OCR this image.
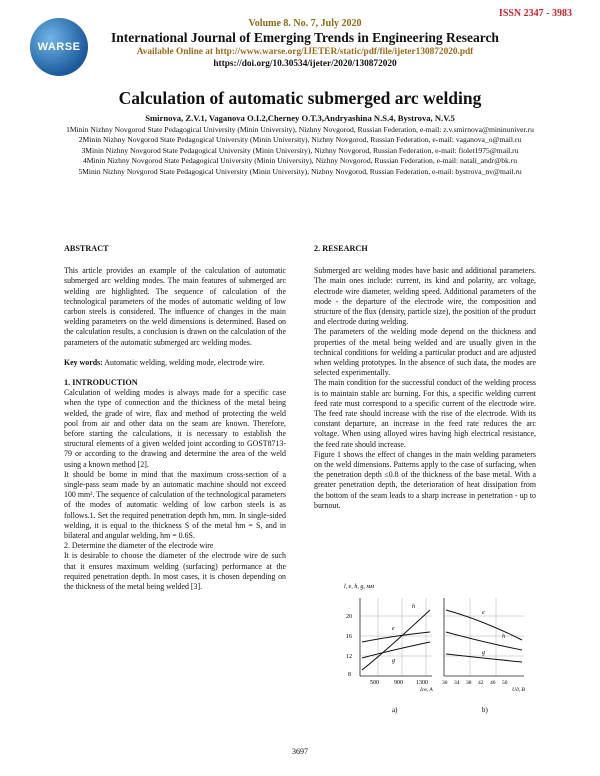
ISSN 2347 - 3983
WARSE
Volume 8. No. 7, July 2020
International Journal of Emerging Trends in Engineering Research
Available Online at http://www.warse.org/IJETER/static/pdf/file/ijeter130872020.pdf
https://doi.org/10.30534/ijeter/2020/130872020
Calculation of automatic submerged arc welding
Smirnova, Z.V.1, Vaganova O.I.2,Cherney O.T.3,Andryashina N.S.4, Bystrova, N.V.5
1Minin Nizhny Novgorod State Pedagogical University (Minin University), Nizhny Novgorod, Russian Federation, e-mail: z.v.smirnova@mininuniver.ru
2Minin Nizhny Novgorod State Pedagogical University (Minin University), Nizhny Novgorod, Russian Federation, e-mail: vaganova_o@mail.ru
3Minin Nizhny Novgorod State Pedagogical University (Minin University), Nizhny Novgorod, Russian Federation, e-mail: fiolet1975@mail.ru
4Minin Nizhny Novgorod State Pedagogical University (Minin University), Nizhny Novgorod, Russian Federation, e-mail: natali_andr@bk.ru
5Minin Nizhny Novgorod State Pedagogical University (Minin University), Nizhny Novgorod, Russian Federation, e-mail: bystrova_nv@mail.ru
ABSTRACT

This article provides an example of the calculation of automatic submerged arc welding modes. The main features of submerged arc welding are highlighted. The sequence of calculation of the technological parameters of the modes of automatic welding of low carbon steels is considered. The influence of changes in the main welding parameters on the weld dimensions is determined. Based on the calculation results, a conclusion is drawn on the calculation of the parameters of the automatic submerged arc welding modes.

Key words: Automatic welding, welding mode, electrode wire.

1. INTRODUCTION

Calculation of welding modes is always made for a specific case when the type of connection and the thickness of the metal being welded, the grade of wire, flax and method of protecting the weld pool from air and other data on the seam are known. Therefore, before starting the calculations, it is necessary to establish the structural elements of a given welded joint according to GOST8713-79 or according to the drawing and determine the area of the weld using a known method [2].

It should be borne in mind that the maximum cross-section of a single-pass seam made by an automatic machine should not exceed 100 mm². The sequence of calculation of the technological parameters of the modes of automatic welding of low carbon steels is as follows.1. Set the required penetration depth hm, mm. In single-sided welding, it is equal to the thickness S of the metal hm = S, and in bilateral and angular welding, hm = 0.6S.

2. Determine the diameter of the electrode wire

It is desirable to choose the diameter of the electrode wire de such that it ensures maximum welding (surfacing) performance at the required penetration depth. In most cases, it is chosen depending on the thickness of the metal being welded [3].

2. RESEARCH

Submerged arc welding modes have basic and additional parameters. The main ones include: current, its kind and polarity, arc voltage, electrode wire diameter, welding speed. Additional parameters of the mode - the departure of the electrode wire, the composition and structure of the flux (density, particle size), the position of the product and electrode during welding.

The parameters of the welding mode depend on the thickness and properties of the metal being welded and are usually given in the technical conditions for welding a particular product and are adjusted when welding prototypes. In the absence of such data, the modes are selected experimentally.

The main condition for the successful conduct of the welding process is to maintain stable arc burning. For this, a specific welding current feed rate must correspond to a specific current of the electrode wire. The feed rate should increase with the rise of the electrode. With its constant departure, an increase in the feed rate reduces the arc voltage. When using alloyed wires having high electrical resistance, the feed rate should increase.

Figure 1 shows the effect of changes in the main welding parameters on the weld dimensions. Patterns apply to the case of surfacing, when the penetration depth ≤0.8 of the thickness of the base metal. With a greater penetration depth, the deterioration of heat dissipation from the bottom of the seam leads to a sharp increase in penetration - up to burnout.

l, e, h, g, мм
20
16
12
8
500	900 1300
Iсв, A
h
e
g
e
h
g
30 34 38 42 46 50
Uд, В
a)	b)
3697
